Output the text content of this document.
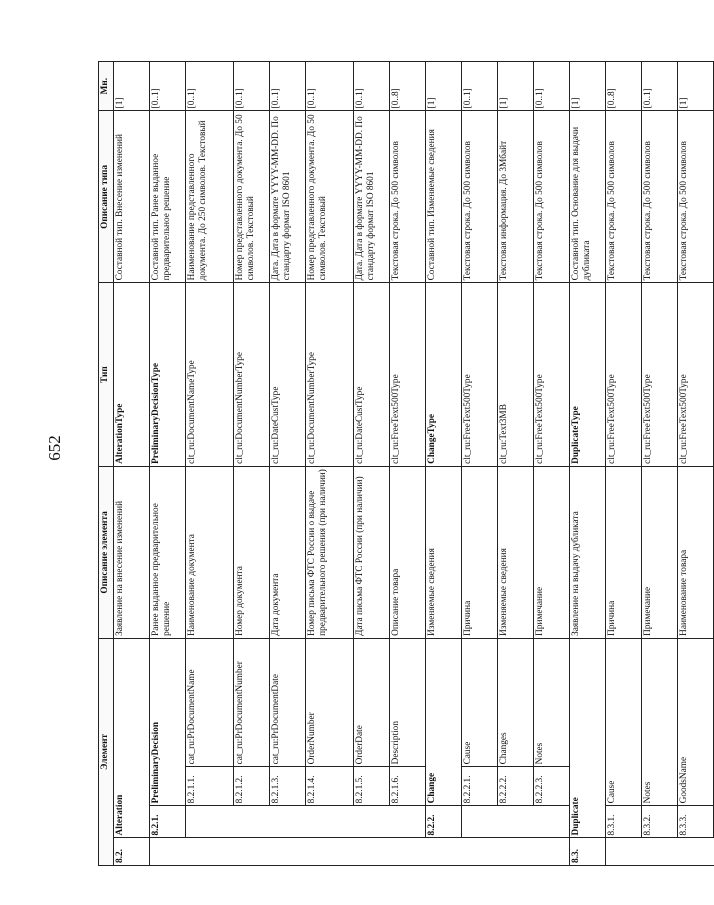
652
Элемент				Описание элемента	Тип	Описание типа	Мн.
8.2.	Alteration			Заявление на внесение изменений	AlterationType	Составной тип. Внесение изменений	[1]
	8.2.1.	PreliminaryDecision		Ранее выданное предварительное решение	PreliminaryDecisionType	Составной тип. Ранее выданное предварительное решение	[0..1]
		8.2.1.1.	cat_ru:PrDocumentName	Наименование документа	clt_ru:DocumentNameType	Наименование представленного документа. До 250 символов. Текстовый	[0..1]
		8.2.1.2.	cat_ru:PrDocumentNumber	Номер документа	clt_ru:DocumentNumberType	Номер представленного документа. До 50 символов. Текстовый	[0..1]
		8.2.1.3.	cat_ru:PrDocumentDate	Дата документа	clt_ru:DateCustType	Дата. Дата в формате YYYY-MM-DD. По стандарту формат ISO 8601	[0..1]
		8.2.1.4.	OrderNumber	Номер письма ФТС России о выдаче предварительного решения (при наличии)	clt_ru:DocumentNumberType	Номер представленного документа. До 50 символов. Текстовый	[0..1]
		8.2.1.5.	OrderDate	Дата письма ФТС России (при наличии)	clt_ru:DateCustType	Дата. Дата в формате YYYY-MM-DD. По стандарту формат ISO 8601	[0..1]
		8.2.1.6.	Description	Описание товара	clt_ru:FreeText500Type	Текстовая строка. До 500 символов	[0..8]
	8.2.2.	Change		Изменяемые сведения	ChangeType	Составной тип. Изменяемые сведения	[1]
		8.2.2.1.	Cause	Причина	clt_ru:FreeText500Type	Текстовая строка. До 500 символов	[0..1]
		8.2.2.2.	Changes	Изменяемые сведения	clt_ru:Text3MB	Текстовая информация. До 3Мбайт	[1]
		8.2.2.3.	Notes	Примечание	clt_ru:FreeText500Type	Текстовая строка. До 500 символов	[0..1]
8.3.	Duplicate			Заявление на выдачу дубликата	DuplicateType	Составной тип. Основание для выдачи дубликата	[1]
	8.3.1.	Cause		Причина	clt_ru:FreeText500Type	Текстовая строка. До 500 символов	[0..8]
	8.3.2.	Notes		Примечание	clt_ru:FreeText500Type	Текстовая строка. До 500 символов	[0..1]
	8.3.3.	GoodsName		Наименование товара	clt_ru:FreeText500Type	Текстовая строка. До 500 символов	[1]
